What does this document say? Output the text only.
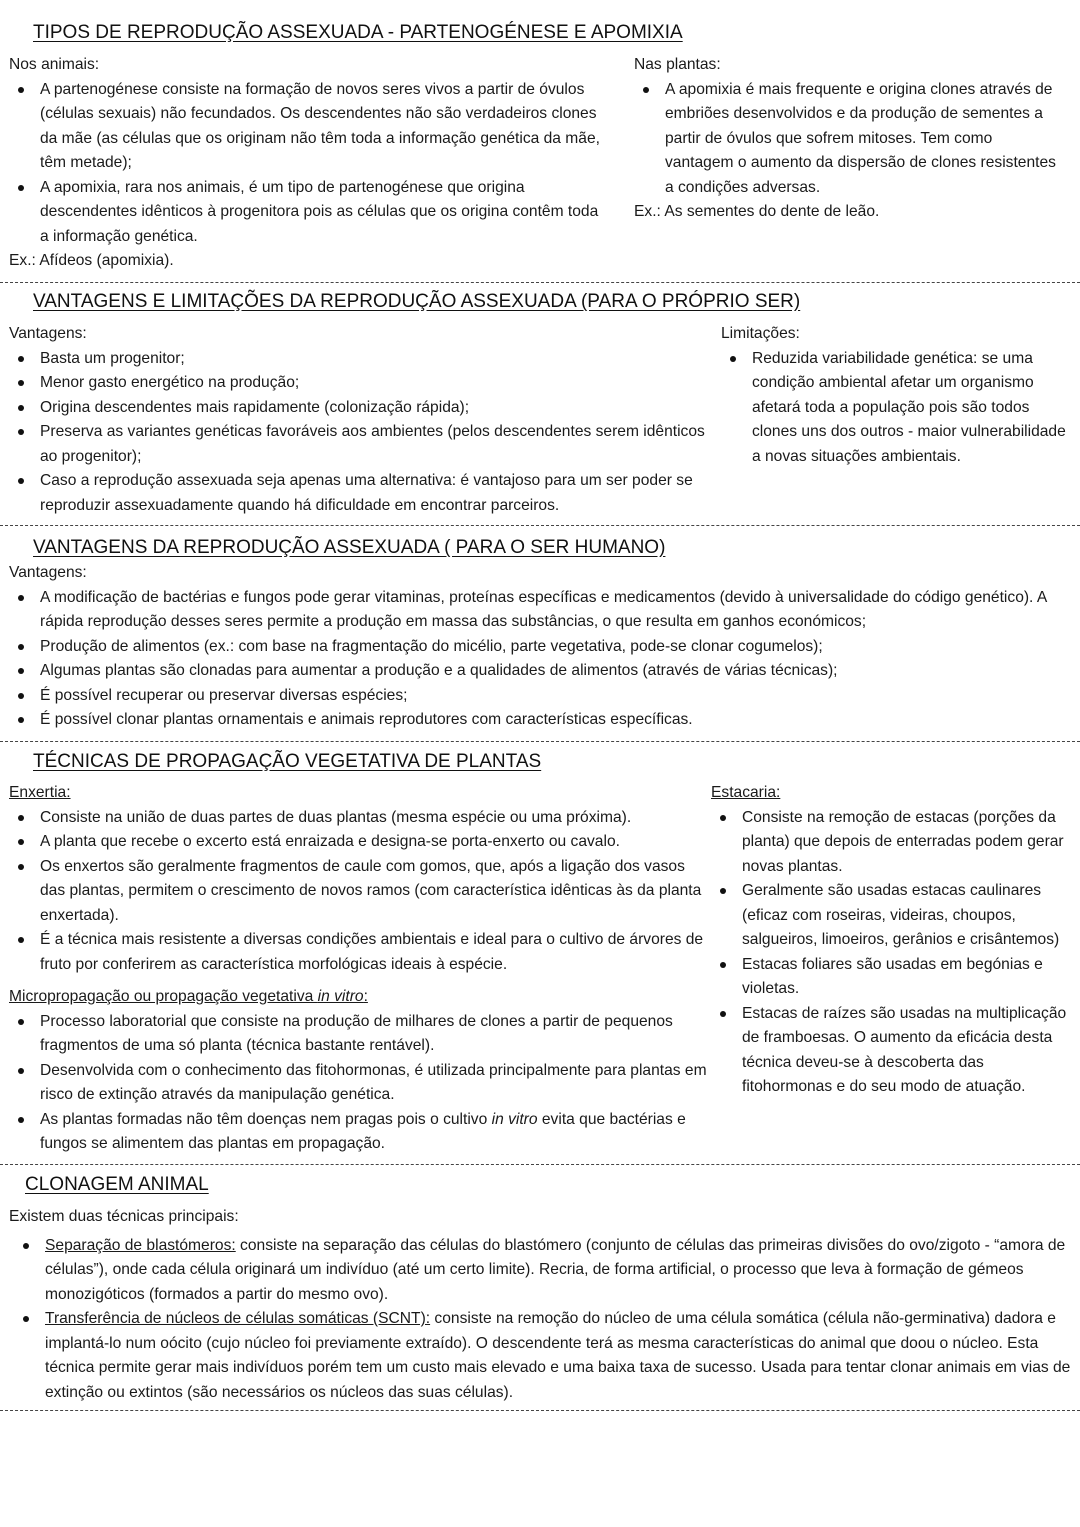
TIPOS DE REPRODUÇÃO ASSEXUADA - PARTENOGÉNESE E APOMIXIA

Nos animais:

A partenogénese consiste na formação de novos seres vivos a partir de óvulos (células sexuais) não fecundados. Os descendentes não são verdadeiros clones da mãe (as células que os originam não têm toda a informação genética da mãe, têm metade);
A apomixia, rara nos animais, é um tipo de partenogénese que origina descendentes idênticos à progenitora pois as células que os origina contêm toda a informação genética.

Ex.: Afídeos (apomixia).

Nas plantas:

A apomixia é mais frequente e origina clones através de embriões desenvolvidos e da produção de sementes a partir de óvulos que sofrem mitoses. Tem como vantagem o aumento da dispersão de clones resistentes a condições adversas.

Ex.: As sementes do dente de leão.

VANTAGENS E LIMITAÇÕES DA REPRODUÇÃO ASSEXUADA (PARA O PRÓPRIO SER)

Vantagens:

Basta um progenitor;
Menor gasto energético na produção;
Origina descendentes mais rapidamente (colonização rápida);
Preserva as variantes genéticas favoráveis aos ambientes (pelos descendentes serem idênticos ao progenitor);
Caso a reprodução assexuada seja apenas uma alternativa: é vantajoso para um ser poder se reproduzir assexuadamente quando há dificuldade em encontrar parceiros.

Limitações:

Reduzida variabilidade genética: se uma condição ambiental afetar um organismo afetará toda a população pois são todos clones uns dos outros - maior vulnerabilidade a novas situações ambientais.
VANTAGENS DA REPRODUÇÃO ASSEXUADA ( PARA O SER HUMANO)

Vantagens:

A modificação de bactérias e fungos pode gerar vitaminas, proteínas específicas e medicamentos (devido à universalidade do código genético). A rápida reprodução desses seres permite a produção em massa das substâncias, o que resulta em ganhos económicos;
Produção de alimentos (ex.: com base na fragmentação do micélio, parte vegetativa, pode-se clonar cogumelos);
Algumas plantas são clonadas para aumentar a produção e a qualidades de alimentos (através de várias técnicas);
É possível recuperar ou preservar diversas espécies;
É possível clonar plantas ornamentais e animais reprodutores com características específicas.
TÉCNICAS DE PROPAGAÇÃO VEGETATIVA DE PLANTAS

Enxertia:

Consiste na união de duas partes de duas plantas (mesma espécie ou uma próxima).
A planta que recebe o excerto está enraizada e designa-se porta-enxerto ou cavalo.
Os enxertos são geralmente fragmentos de caule com gomos, que, após a ligação dos vasos das plantas, permitem o crescimento de novos ramos (com característica idênticas às da planta enxertada).
É a técnica mais resistente a diversas condições ambientais e ideal para o cultivo de árvores de fruto por conferirem as característica morfológicas ideais à espécie.

Micropropagação ou propagação vegetativa in vitro:

Processo laboratorial que consiste na produção de milhares de clones a partir de pequenos fragmentos de uma só planta (técnica bastante rentável).
Desenvolvida com o conhecimento das fitohormonas, é utilizada principalmente para plantas em risco de extinção através da manipulação genética.
As plantas formadas não têm doenças nem pragas pois o cultivo in vitro evita que bactérias e fungos se alimentem das plantas em propagação.

Estacaria:

Consiste na remoção de estacas (porções da planta) que depois de enterradas podem gerar novas plantas.
Geralmente são usadas estacas caulinares (eficaz com roseiras, videiras, choupos, salgueiros, limoeiros, gerânios e crisântemos)
Estacas foliares são usadas em begónias e violetas.
Estacas de raízes são usadas na multiplicação de framboesas. O aumento da eficácia desta técnica deveu-se à descoberta das fitohormonas e do seu modo de atuação.
CLONAGEM ANIMAL

Existem duas técnicas principais:

Separação de blastómeros: consiste na separação das células do blastómero (conjunto de células das primeiras divisões do ovo/zigoto - “amora de células”), onde cada célula originará um indivíduo (até um certo limite). Recria, de forma artificial, o processo que leva à formação de gémeos monozigóticos (formados a partir do mesmo ovo).
Transferência de núcleos de células somáticas (SCNT): consiste na remoção do núcleo de uma célula somática (célula não-germinativa) dadora e implantá-lo num oócito (cujo núcleo foi previamente extraído). O descendente terá as mesma características do animal que doou o núcleo. Esta técnica permite gerar mais indivíduos porém tem um custo mais elevado e uma baixa taxa de sucesso. Usada para tentar clonar animais em vias de extinção ou extintos (são necessários os núcleos das suas células).
